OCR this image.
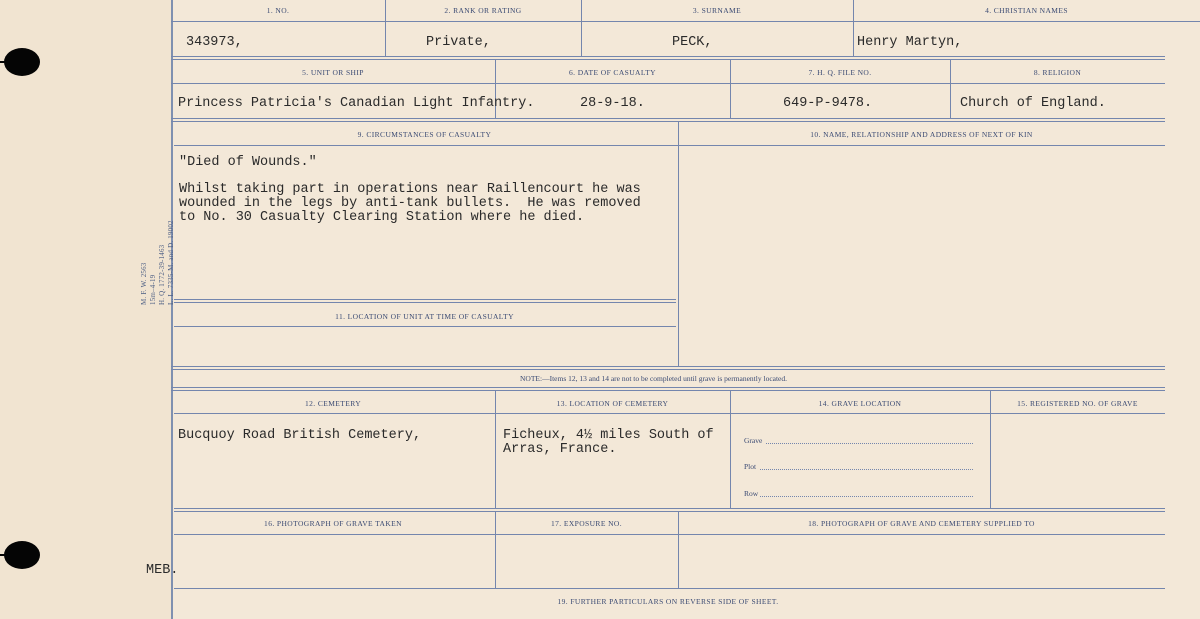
M. F. W. 2563 15m–4-19 H. Q. 1772-39-1463 L. L. 7335-M. and D. 19002
1. NO.	2. RANK OR RATING	3. SURNAME	4. CHRISTIAN NAMES
343973,	Private,	PECK,	Henry Martyn,
5. UNIT OR SHIP	6. DATE OF CASUALTY	7. H. Q. FILE NO.	8. RELIGION
Princess Patricia's Canadian Light Infantry.	28-9-18.	649-P-9478.	Church of England.
9. CIRCUMSTANCES OF CASUALTY	10. NAME, RELATIONSHIP AND ADDRESS OF NEXT OF KIN
"Died of Wounds."
Whilst taking part in operations near Raillencourt he was
wounded in the legs by anti-tank bullets.  He was removed
to No. 30 Casualty Clearing Station where he died.
11. LOCATION OF UNIT AT TIME OF CASUALTY
NOTE:—Items 12, 13 and 14 are not to be completed until grave is permanently located.
12. CEMETERY	13. LOCATION OF CEMETERY	14. GRAVE LOCATION	15. REGISTERED NO. OF GRAVE
Bucquoy Road British Cemetery,	Ficheux, 4½ miles South of
Arras, France.
Grave
Plot
Row
16. PHOTOGRAPH OF GRAVE TAKEN	17. EXPOSURE NO.	18. PHOTOGRAPH OF GRAVE AND CEMETERY SUPPLIED TO
MEB.
19. FURTHER PARTICULARS ON REVERSE SIDE OF SHEET.
